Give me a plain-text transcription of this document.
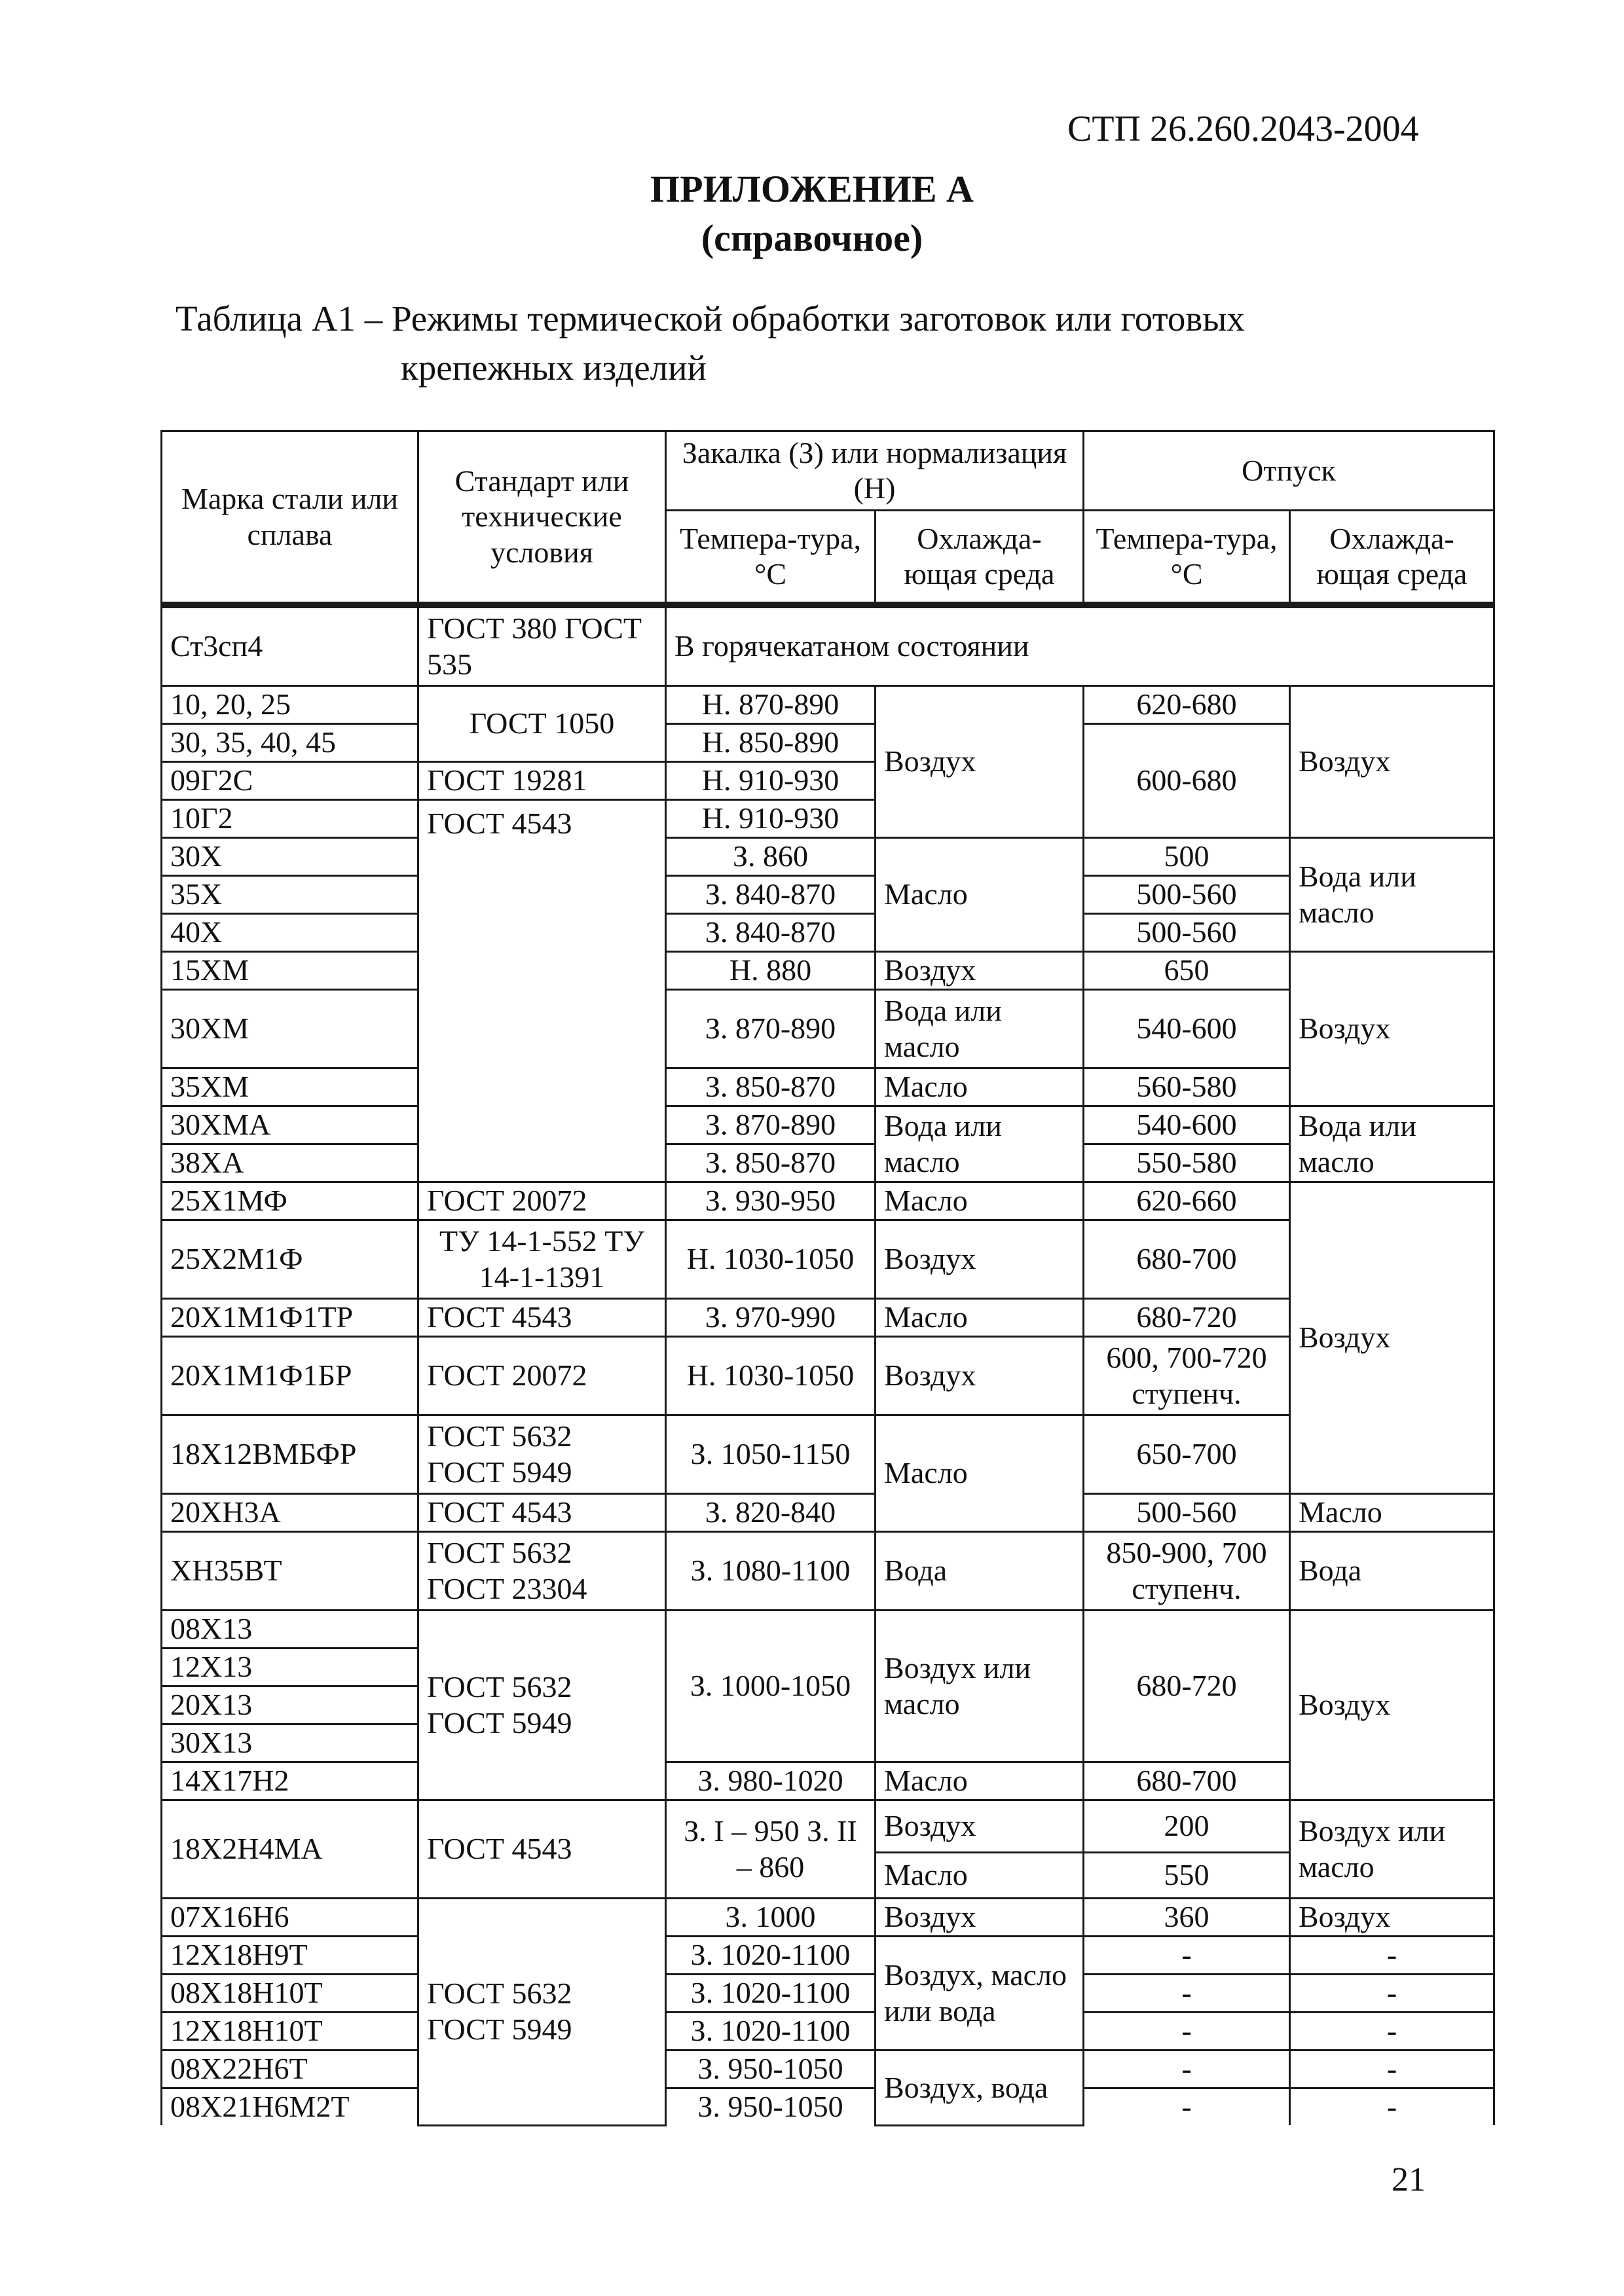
СТП 26.260.2043-2004
ПРИЛОЖЕНИЕ А
(справочное)
Таблица А1 – Режимы термической обработки заготовок или готовых
крепежных изделий
Марка стали или сплава	Стандарт или технические условия	Закалка (З) или нормализация (Н)		Отпуск	
		Темпера-тура, °С	Охлажда-ющая среда	Темпера-тура, °С	Охлажда-ющая среда

Ст3сп4	ГОСТ 380 ГОСТ 535	В горячекатаном состоянии			
10, 20, 25	ГОСТ 1050	Н. 870-890	Воздух	620-680	Воздух
30, 35, 40, 45		Н. 850-890		600-680	
09Г2С	ГОСТ 19281	Н. 910-930			
10Г2	ГОСТ 4543	Н. 910-930			
30Х		З. 860	Масло	500	Вода или масло
35Х		З. 840-870		500-560	
40Х		З. 840-870		500-560	
15ХМ		Н. 880	Воздух	650	Воздух
30ХМ		З. 870-890	Вода или масло	540-600	
35ХМ		З. 850-870	Масло	560-580	
30ХМА		З. 870-890	Вода или масло	540-600	Вода или масло
38ХА		З. 850-870		550-580	
25Х1МФ	ГОСТ 20072	З. 930-950	Масло	620-660	Воздух
25Х2М1Ф	ТУ 14-1-552 ТУ 14-1-1391	Н. 1030-1050	Воздух	680-700	
20Х1М1Ф1ТР	ГОСТ 4543	З. 970-990	Масло	680-720	
20Х1М1Ф1БР	ГОСТ 20072	Н. 1030-1050	Воздух	600, 700-720 ступенч.	
18Х12ВМБФР	ГОСТ 5632 ГОСТ 5949	З. 1050-1150	Масло	650-700	
20ХН3А	ГОСТ 4543	З. 820-840		500-560	Масло
ХН35ВТ	ГОСТ 5632 ГОСТ 23304	З. 1080-1100	Вода	850-900, 700 ступенч.	Вода
08Х13	ГОСТ 5632 ГОСТ 5949	З. 1000-1050	Воздух или масло	680-720	Воздух
12Х13					
20Х13					
30Х13					
14Х17Н2		З. 980-1020	Масло	680-700	
18Х2Н4МА	ГОСТ 4543	З. I – 950 З. II – 860	Воздух	200	Воздух или масло
			Масло	550	
07Х16Н6	ГОСТ 5632 ГОСТ 5949	З. 1000	Воздух	360	Воздух
12Х18Н9Т		З. 1020-1100	Воздух, масло или вода	-	-
08Х18Н10Т		З. 1020-1100		-	-
12Х18Н10Т		З. 1020-1100		-	-
08Х22Н6Т		З. 950-1050	Воздух, вода	-	-
08Х21Н6М2Т		З. 950-1050		-	-
21
